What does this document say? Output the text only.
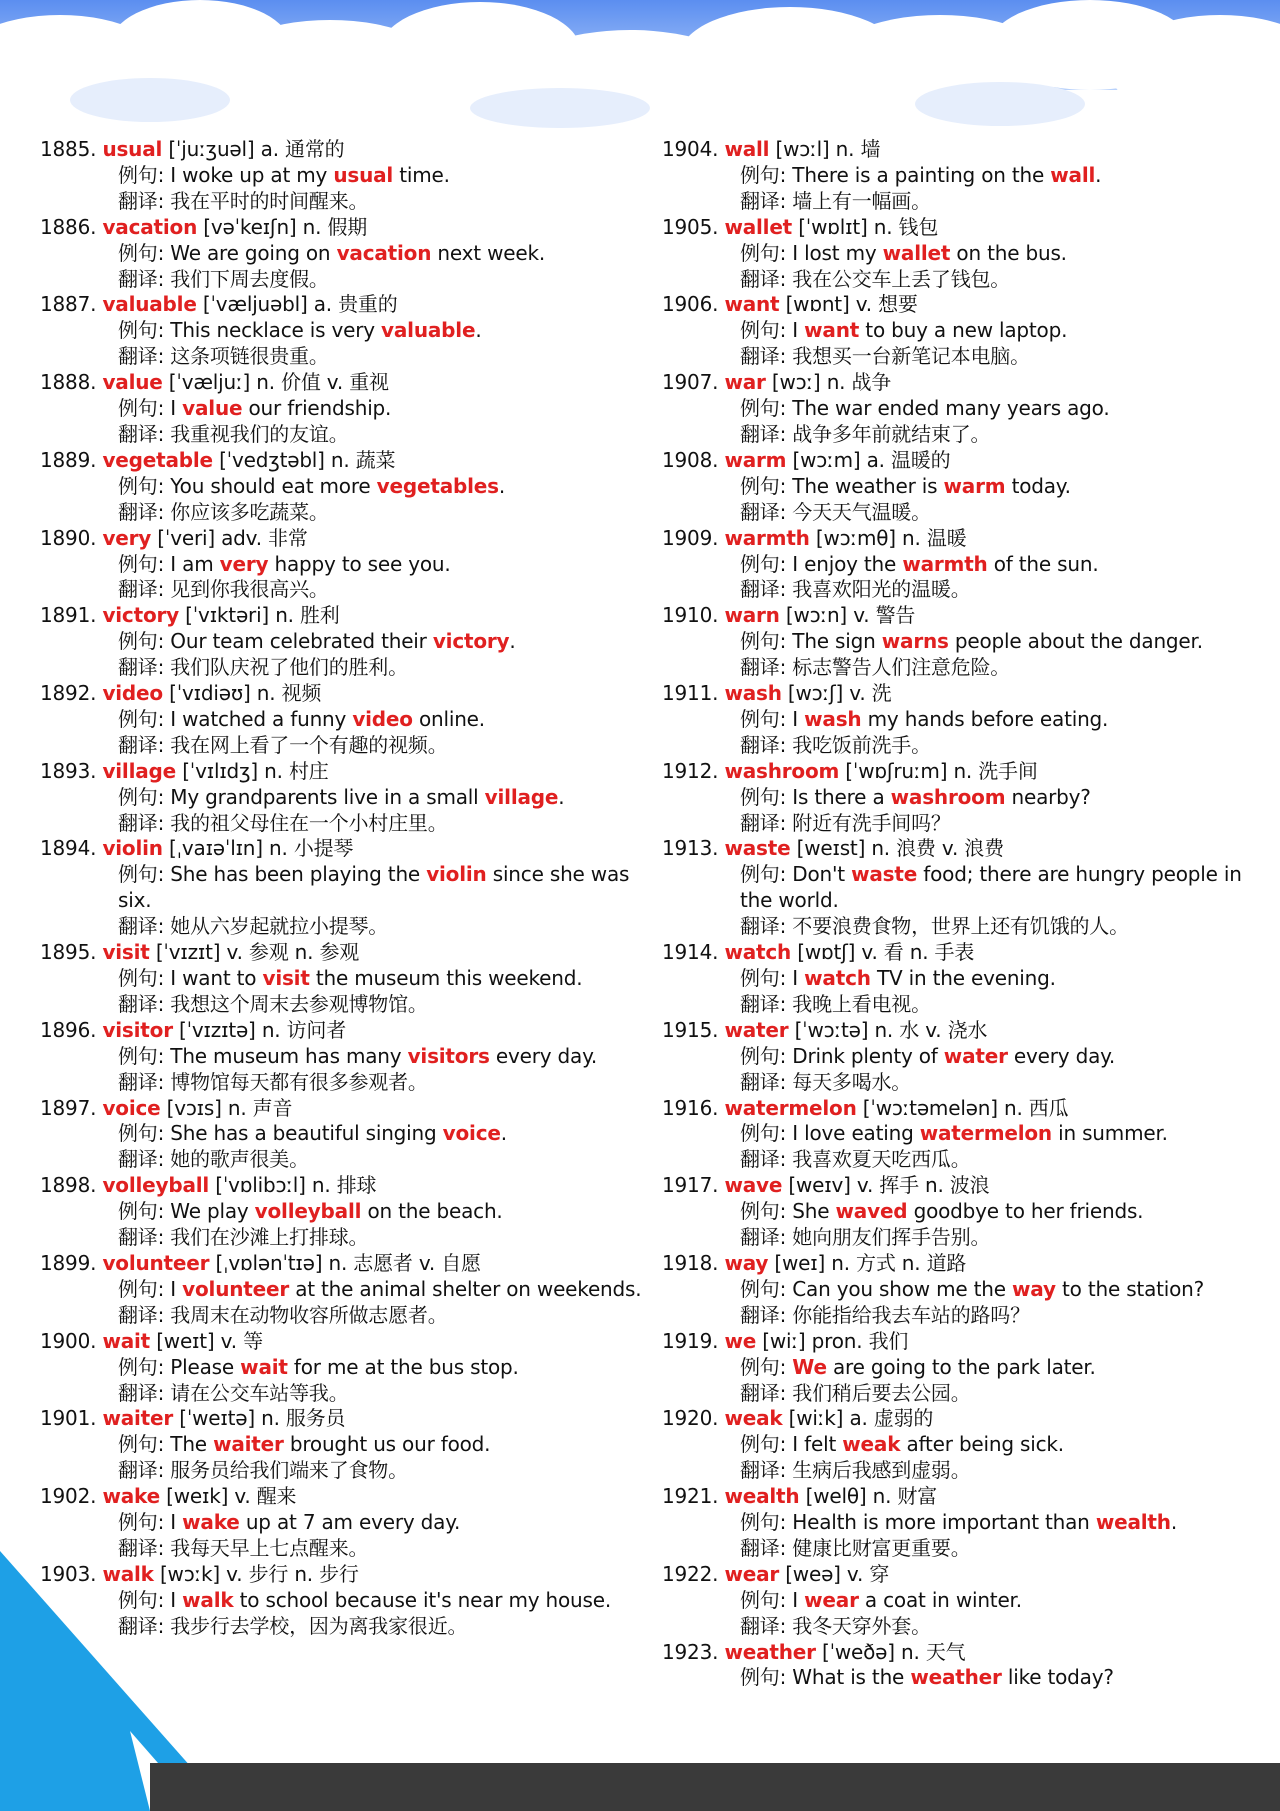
1885. usual [ˈjuːʒuəl] a. 通常的
例句: I woke up at my usual time.
翻译: 我在平时的时间醒来。
1886. vacation [vəˈkeɪʃn] n. 假期
例句: We are going on vacation next week.
翻译: 我们下周去度假。
1887. valuable [ˈvæljuəbl] a. 贵重的
例句: This necklace is very valuable.
翻译: 这条项链很贵重。
1888. value [ˈvæljuː] n. 价值 v. 重视
例句: I value our friendship.
翻译: 我重视我们的友谊。
1889. vegetable [ˈvedʒtəbl] n. 蔬菜
例句: You should eat more vegetables.
翻译: 你应该多吃蔬菜。
1890. very [ˈveri] adv. 非常
例句: I am very happy to see you.
翻译: 见到你我很高兴。
1891. victory [ˈvɪktəri] n. 胜利
例句: Our team celebrated their victory.
翻译: 我们队庆祝了他们的胜利。
1892. video [ˈvɪdiəʊ] n. 视频
例句: I watched a funny video online.
翻译: 我在网上看了一个有趣的视频。
1893. village [ˈvɪlɪdʒ] n. 村庄
例句: My grandparents live in a small village.
翻译: 我的祖父母住在一个小村庄里。
1894. violin [ˌvaɪəˈlɪn] n. 小提琴
例句: She has been playing the violin since she was six.
翻译: 她从六岁起就拉小提琴。
1895. visit [ˈvɪzɪt] v. 参观 n. 参观
例句: I want to visit the museum this weekend.
翻译: 我想这个周末去参观博物馆。
1896. visitor [ˈvɪzɪtə] n. 访问者
例句: The museum has many visitors every day.
翻译: 博物馆每天都有很多参观者。
1897. voice [vɔɪs] n. 声音
例句: She has a beautiful singing voice.
翻译: 她的歌声很美。
1898. volleyball [ˈvɒlibɔːl] n. 排球
例句: We play volleyball on the beach.
翻译: 我们在沙滩上打排球。
1899. volunteer [ˌvɒlənˈtɪə] n. 志愿者 v. 自愿
例句: I volunteer at the animal shelter on weekends.
翻译: 我周末在动物收容所做志愿者。
1900. wait [weɪt] v. 等
例句: Please wait for me at the bus stop.
翻译: 请在公交车站等我。
1901. waiter [ˈweɪtə] n. 服务员
例句: The waiter brought us our food.
翻译: 服务员给我们端来了食物。
1902. wake [weɪk] v. 醒来
例句: I wake up at 7 am every day.
翻译: 我每天早上七点醒来。
1903. walk [wɔːk] v. 步行 n. 步行
例句: I walk to school because it's near my house.
翻译: 我步行去学校，因为离我家很近。
1904. wall [wɔːl] n. 墙
例句: There is a painting on the wall.
翻译: 墙上有一幅画。
1905. wallet [ˈwɒlɪt] n. 钱包
例句: I lost my wallet on the bus.
翻译: 我在公交车上丢了钱包。
1906. want [wɒnt] v. 想要
例句: I want to buy a new laptop.
翻译: 我想买一台新笔记本电脑。
1907. war [wɔː] n. 战争
例句: The war ended many years ago.
翻译: 战争多年前就结束了。
1908. warm [wɔːm] a. 温暖的
例句: The weather is warm today.
翻译: 今天天气温暖。
1909. warmth [wɔːmθ] n. 温暖
例句: I enjoy the warmth of the sun.
翻译: 我喜欢阳光的温暖。
1910. warn [wɔːn] v. 警告
例句: The sign warns people about the danger.
翻译: 标志警告人们注意危险。
1911. wash [wɔːʃ] v. 洗
例句: I wash my hands before eating.
翻译: 我吃饭前洗手。
1912. washroom [ˈwɒʃruːm] n. 洗手间
例句: Is there a washroom nearby?
翻译: 附近有洗手间吗？
1913. waste [weɪst] n. 浪费 v. 浪费
例句: Don't waste food; there are hungry people in the world.
翻译: 不要浪费食物，世界上还有饥饿的人。
1914. watch [wɒtʃ] v. 看 n. 手表
例句: I watch TV in the evening.
翻译: 我晚上看电视。
1915. water [ˈwɔːtə] n. 水 v. 浇水
例句: Drink plenty of water every day.
翻译: 每天多喝水。
1916. watermelon [ˈwɔːtəmelən] n. 西瓜
例句: I love eating watermelon in summer.
翻译: 我喜欢夏天吃西瓜。
1917. wave [weɪv] v. 挥手 n. 波浪
例句: She waved goodbye to her friends.
翻译: 她向朋友们挥手告别。
1918. way [weɪ] n. 方式 n. 道路
例句: Can you show me the way to the station?
翻译: 你能指给我去车站的路吗？
1919. we [wiː] pron. 我们
例句: We are going to the park later.
翻译: 我们稍后要去公园。
1920. weak [wiːk] a. 虚弱的
例句: I felt weak after being sick.
翻译: 生病后我感到虚弱。
1921. wealth [welθ] n. 财富
例句: Health is more important than wealth.
翻译: 健康比财富更重要。
1922. wear [weə] v. 穿
例句: I wear a coat in winter.
翻译: 我冬天穿外套。
1923. weather [ˈweðə] n. 天气
例句: What is the weather like today?
